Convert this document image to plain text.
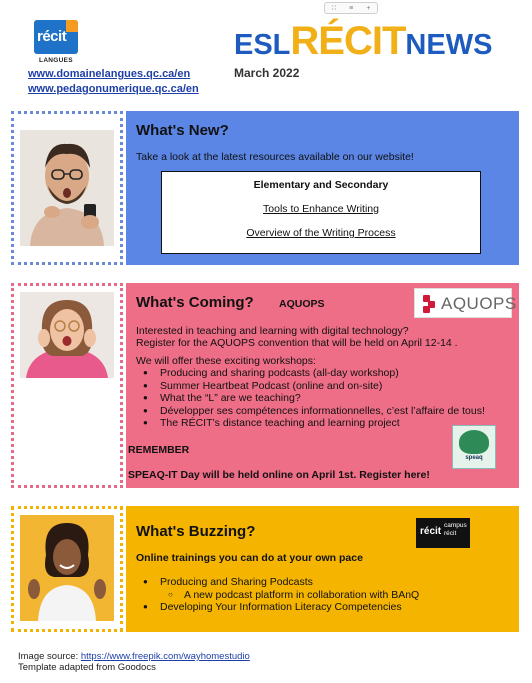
récit
LANGUES
www.domainelangues.qc.ca/en
www.pedagonumerique.qc.ca/en
∷ ≡ +
ESLRÉCITNEWS
March 2022
What's New?
Take a look at the latest resources available on our website!
Elementary and Secondary
Tools to Enhance Writing
Overview of the Writing Process
What's Coming? AQUOPS	AQUOPS
Interested in teaching and learning with digital technology?
Register for the AQUOPS convention that will be held on April 12-14 .
We will offer these exciting workshops:
● Producing and sharing podcasts (all-day workshop)
● Summer Heartbeat Podcast (online and on-site)
● What the “L” are we teaching?
● Développer ses compétences informationnelles, c’est l’affaire de tous!
● The RÉCIT’s distance teaching and learning project
REMEMBER
SPEAQ-IT Day will be held online on April 1st. Register here!
speaq
What's Buzzing?	récit
campus
récit
Online trainings you can do at your own pace
● Producing and Sharing Podcasts
○ A new podcast platform in collaboration with BAnQ
● Developing Your Information Literacy Competencies
Image source: https://www.freepik.com/wayhomestudio
Template adapted from Goodocs
